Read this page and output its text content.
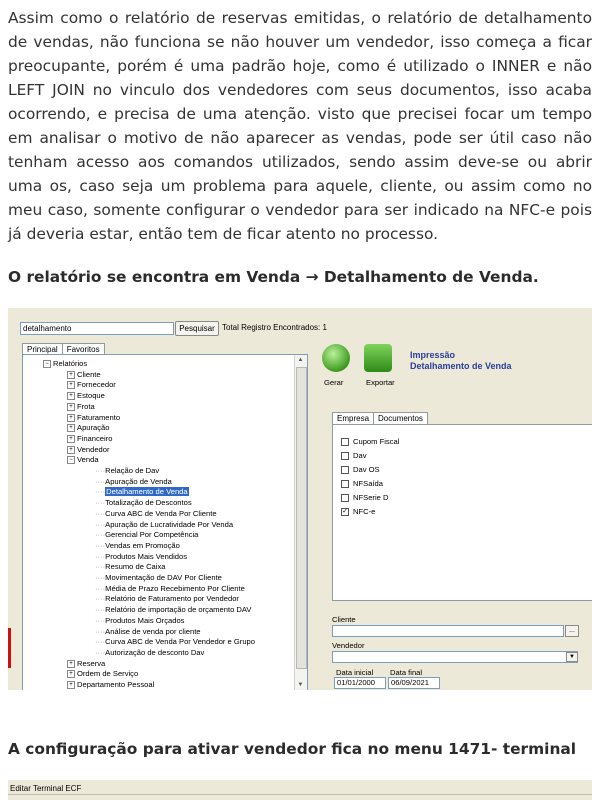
Assim como o relatório de reservas emitidas, o relatório de detalhamento de vendas, não funciona se não houver um vendedor, isso começa a ficar preocupante, porém é uma padrão hoje, como é utilizado o INNER e não LEFT JOIN no vinculo dos vendedores com seus documentos, isso acaba ocorrendo, e precisa de uma atenção. visto que precisei focar um tempo em analisar o motivo de não aparecer as vendas, pode ser útil caso não tenham acesso aos comandos utilizados, sendo assim deve-se ou abrir uma os, caso seja um problema para aquele, cliente, ou assim como no meu caso, somente configurar o vendedor para ser indicado na NFC-e pois já deveria estar, então tem de ficar atento no processo.
O relatório se encontra em Venda → Detalhamento de Venda.
detalhamento	Pesquisar Total Registro Encontrados: 1
Principal Favoritos
▲
▼
− Relatórios
+ Cliente
+ Fornecedor
+ Estoque
+ Frota
+ Faturamento
+ Apuração
+ Financeiro
+ Vendedor
− Venda
····Relação de Dav
····Apuração de Venda
····Detalhamento de Venda
····Totalização de Descontos
····Curva ABC de Venda Por Cliente
····Apuração de Lucratividade Por Venda
····Gerencial Por Competência
····Vendas em Promoção
····Produtos Mais Vendidos
····Resumo de Caixa
····Movimentação de DAV Por Cliente
····Média de Prazo Recebimento Por Cliente
····Relatório de Faturamento por Vendedor
····Relatório de importação de orçamento DAV
····Produtos Mais Orçados
····Análise de venda por cliente
····Curva ABC de Venda Por Vendedor e Grupo
····Autorização de desconto Dav
+ Reserva
+ Ordem de Serviço
+ Departamento Pessoal
Gerar	Exportar
Impressão
Detalhamento de Venda
Empresa Documentos
Cupom Fiscal
Dav
Dav OS
NFSaída
NFSerie D
✓ NFC-e
Cliente
...
Vendedor
▼
Data inicial Data final
01/01/2000	06/09/2021
A configuração para ativar vendedor fica no menu 1471- terminal
Editar Terminal ECF
